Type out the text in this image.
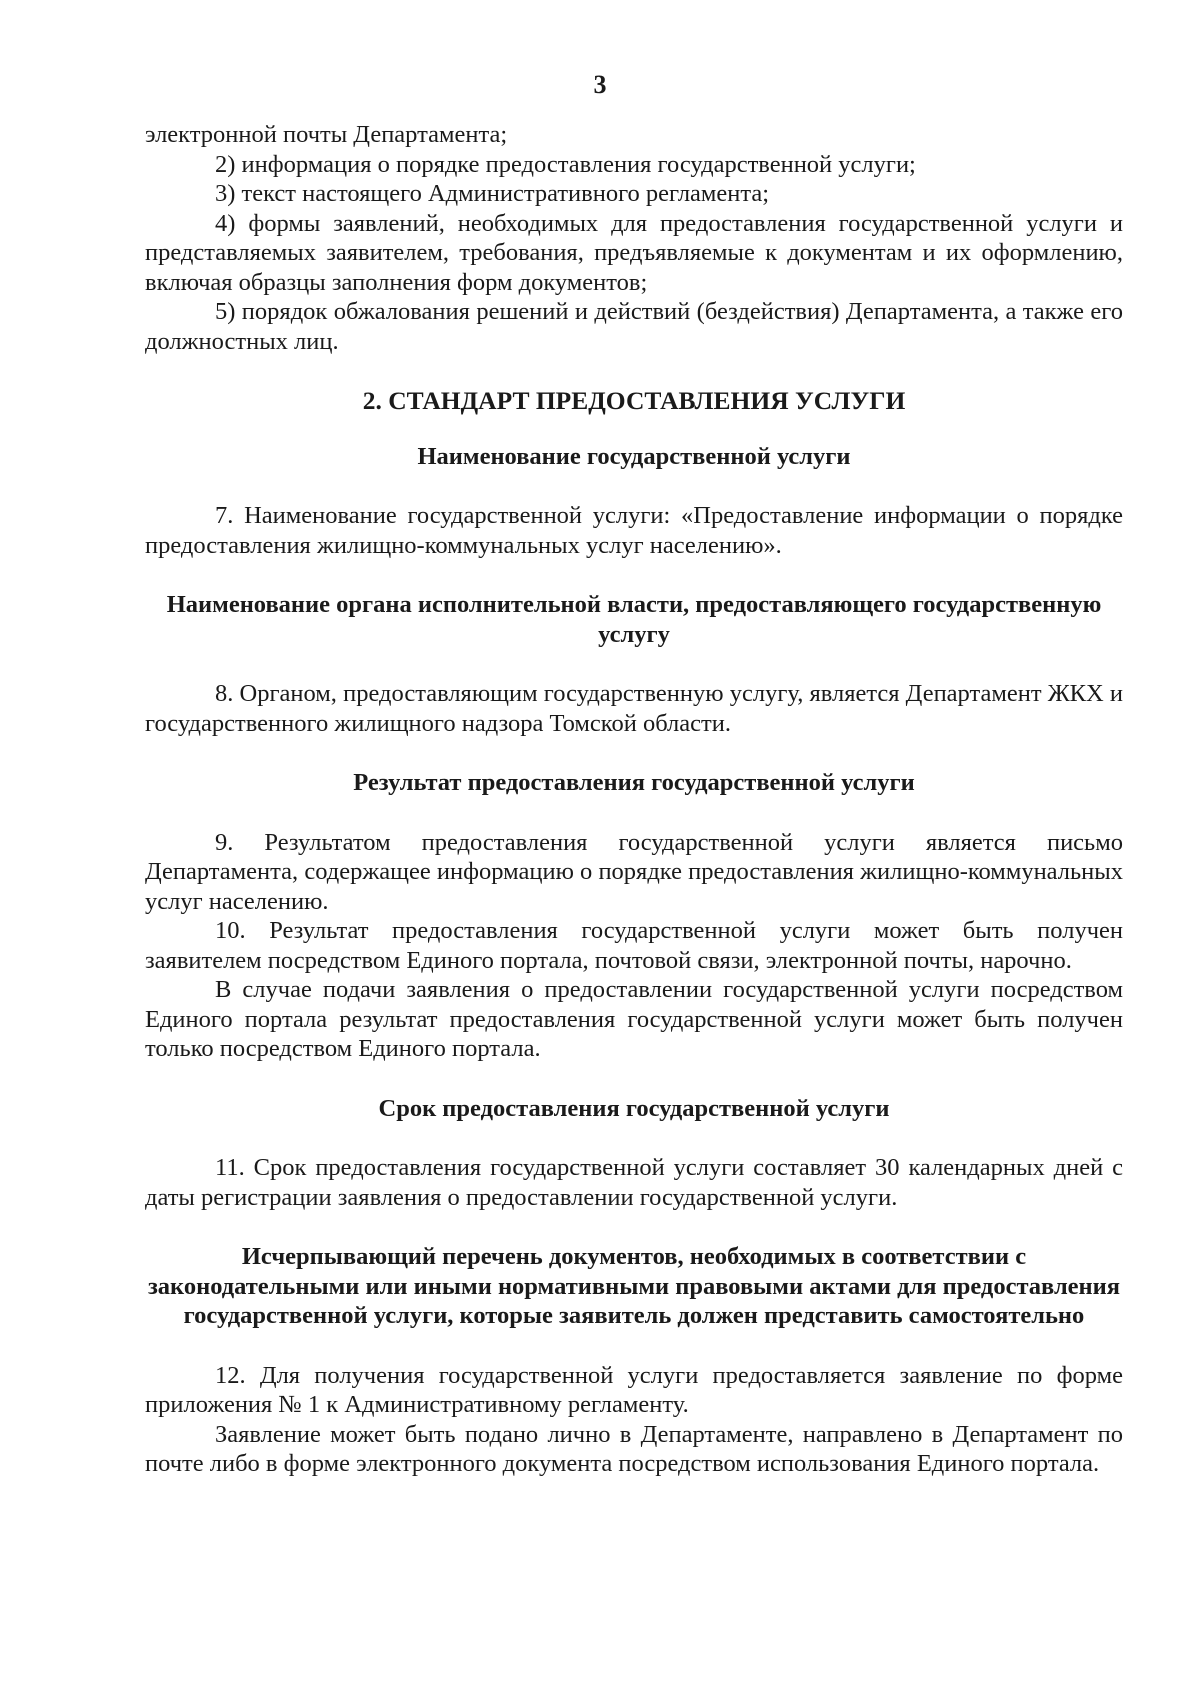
3

электронной почты Департамента;

2) информация о порядке предоставления государственной услуги;

3) текст настоящего Административного регламента;

4) формы заявлений, необходимых для предоставления государственной услуги и представляемых заявителем, требования, предъявляемые к документам и их оформлению, включая образцы заполнения форм документов;

5) порядок обжалования решений и действий (бездействия) Департамента, а также его должностных лиц.

2. СТАНДАРТ ПРЕДОСТАВЛЕНИЯ УСЛУГИ
Наименование государственной услуги

7. Наименование государственной услуги: «Предоставление информации о порядке предоставления жилищно-коммунальных услуг населению».

Наименование органа исполнительной власти, предоставляющего государственную услугу

8. Органом, предоставляющим государственную услугу, является Департамент ЖКХ и государственного жилищного надзора Томской области.

Результат предоставления государственной услуги

9. Результатом предоставления государственной услуги является письмо Департамента, содержащее информацию о порядке предоставления жилищно-коммунальных услуг населению.

10. Результат предоставления государственной услуги может быть получен заявителем посредством Единого портала, почтовой связи, электронной почты, нарочно.

В случае подачи заявления о предоставлении государственной услуги посредством Единого портала результат предоставления государственной услуги может быть получен только посредством Единого портала.

Срок предоставления государственной услуги

11. Срок предоставления государственной услуги составляет 30 календарных дней с даты регистрации заявления о предоставлении государственной услуги.

Исчерпывающий перечень документов, необходимых в соответствии с законодательными или иными нормативными правовыми актами для предоставления государственной услуги, которые заявитель должен представить самостоятельно

12. Для получения государственной услуги предоставляется заявление по форме приложения № 1 к Административному регламенту.

Заявление может быть подано лично в Департаменте, направлено в Департамент по почте либо в форме электронного документа посредством использования Единого портала.
